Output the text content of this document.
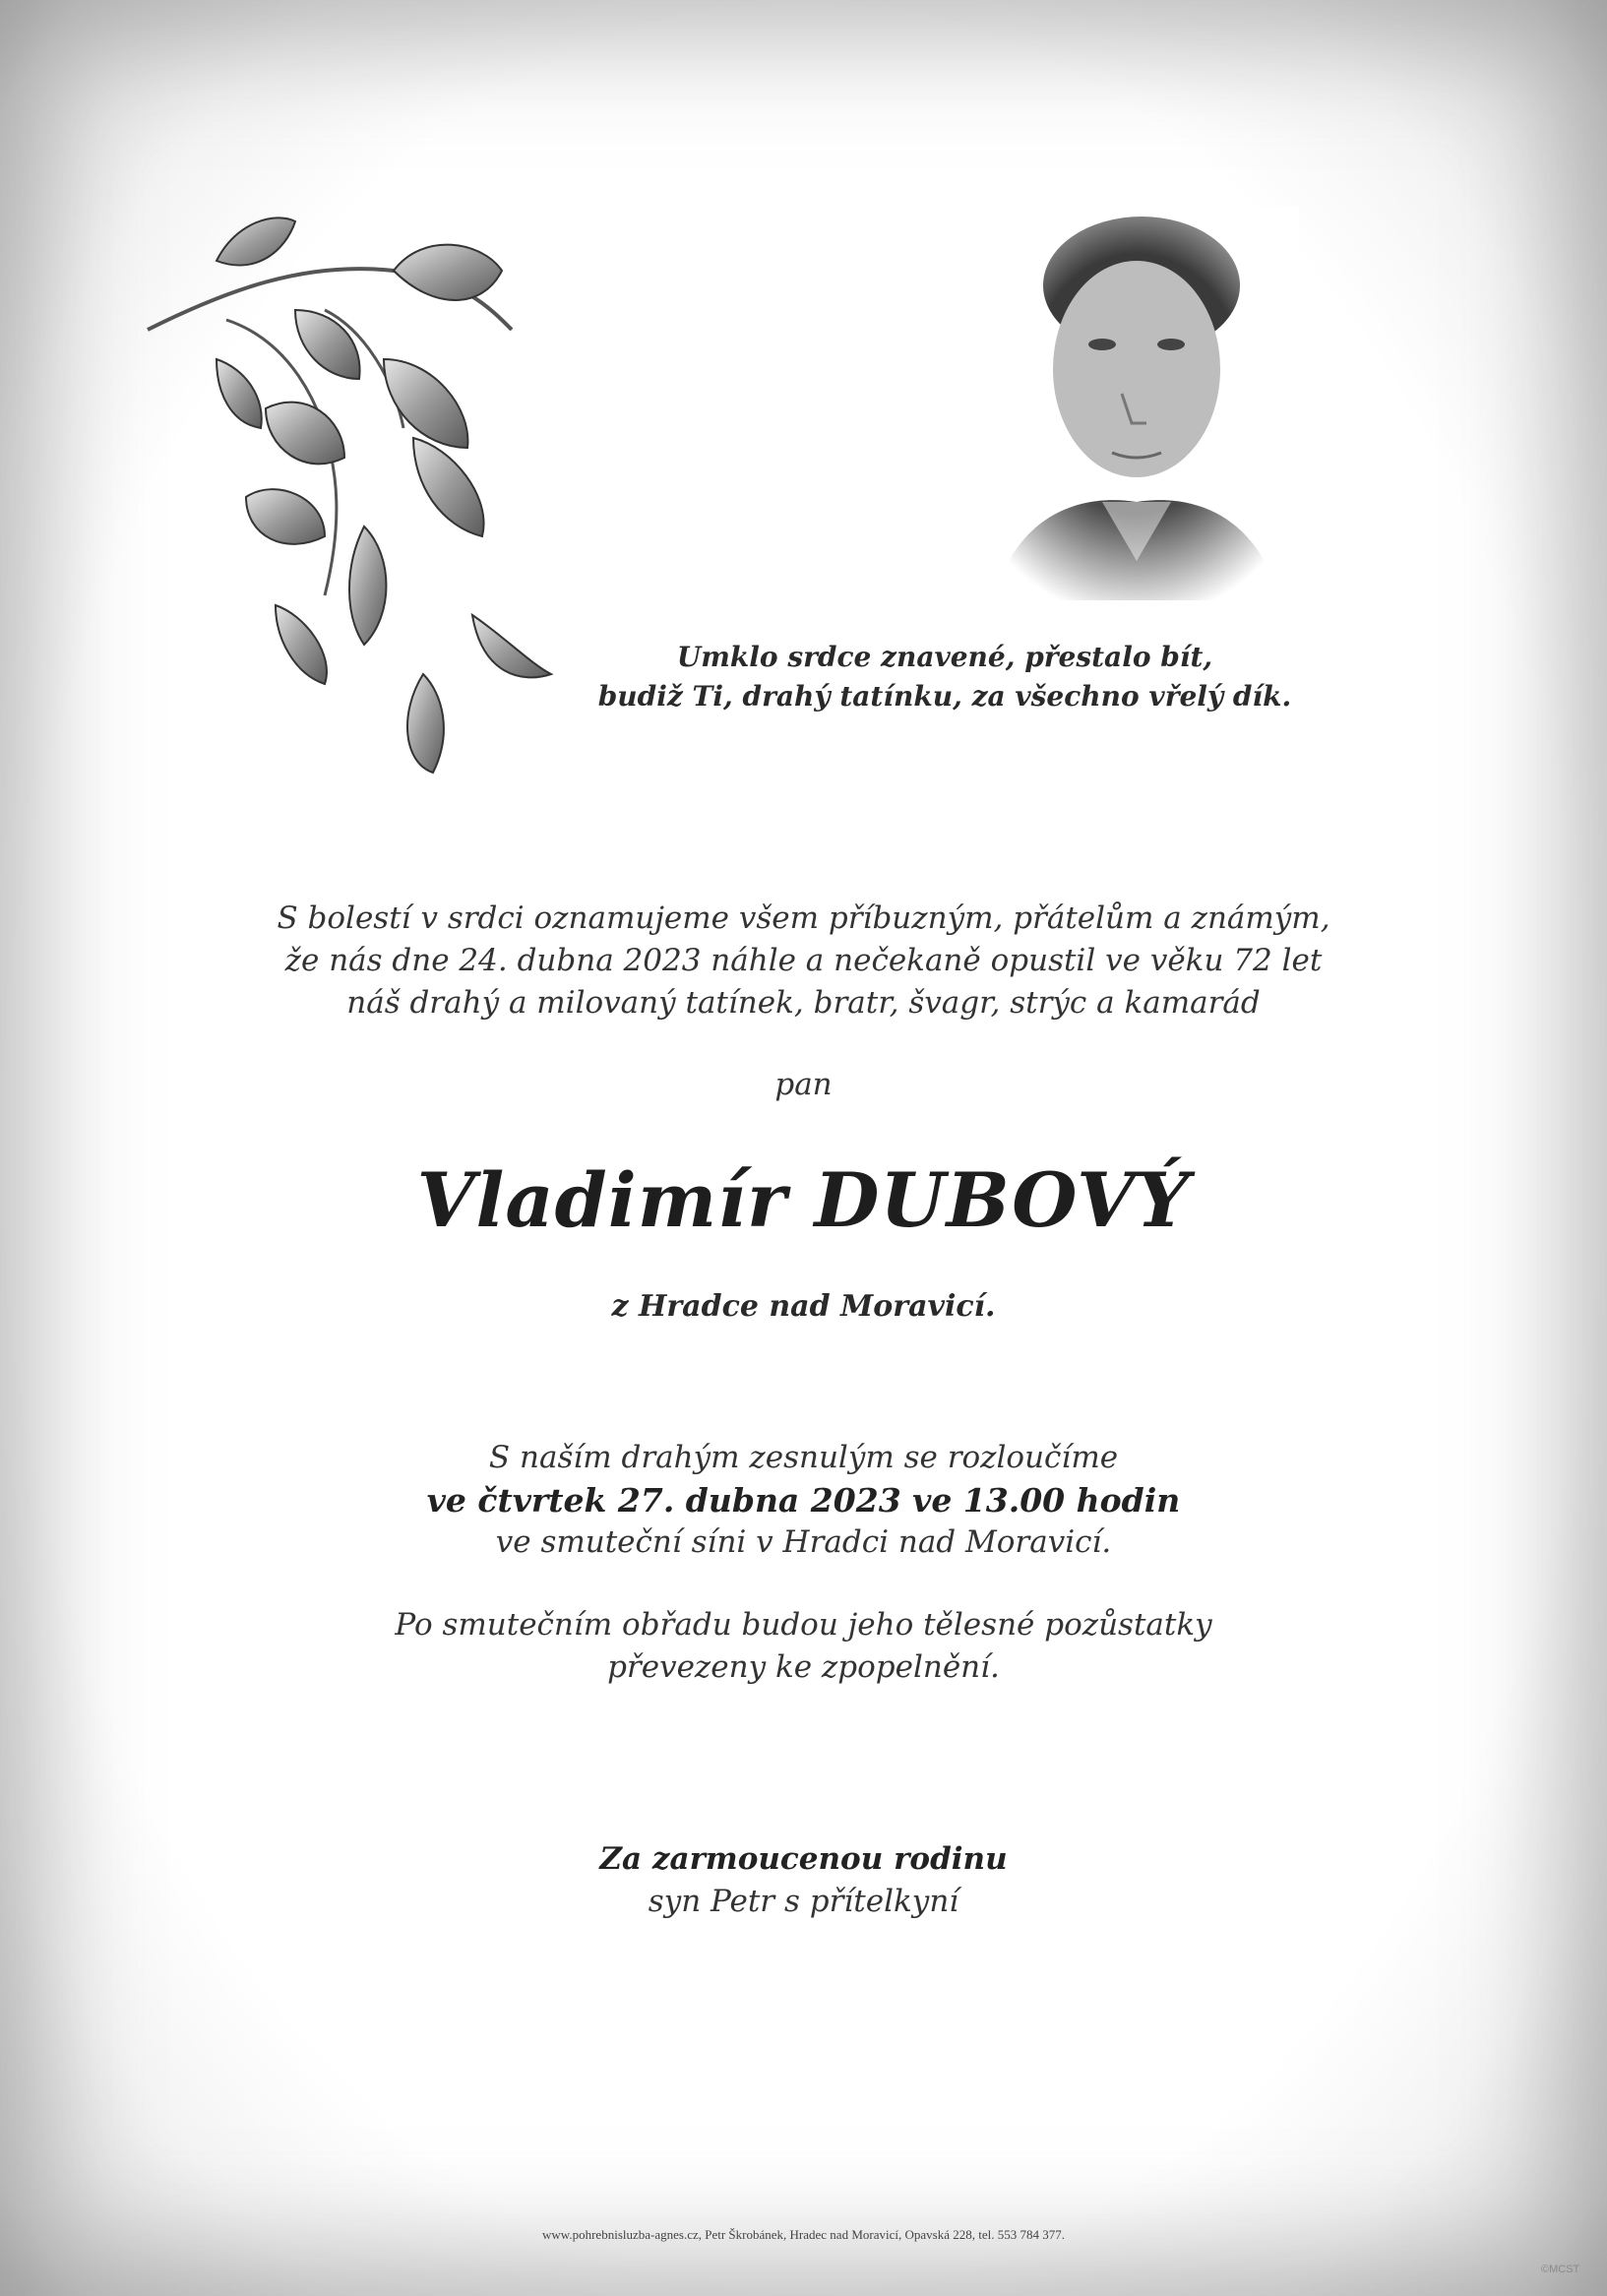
Umklo srdce znavené, přestalo bít,
budiž Ti, drahý tatínku, za všechno vřelý dík.
S bolestí v srdci oznamujeme všem příbuzným, přátelům a známým,
že nás dne 24. dubna 2023 náhle a nečekaně opustil ve věku 72 let
náš drahý a milovaný tatínek, bratr, švagr, strýc a kamarád
pan
Vladimír DUBOVÝ
z Hradce nad Moravicí.
S naším drahým zesnulým se rozloučíme
ve čtvrtek 27. dubna 2023 ve 13.00 hodin
ve smuteční síni v Hradci nad Moravicí.
Po smutečním obřadu budou jeho tělesné pozůstatky
převezeny ke zpopelnění.
Za zarmoucenou rodinu
syn Petr s přítelkyní
www.pohrebnisluzba-agnes.cz, Petr Škrobánek, Hradec nad Moravicí, Opavská 228, tel. 553 784 377.
©MCST
